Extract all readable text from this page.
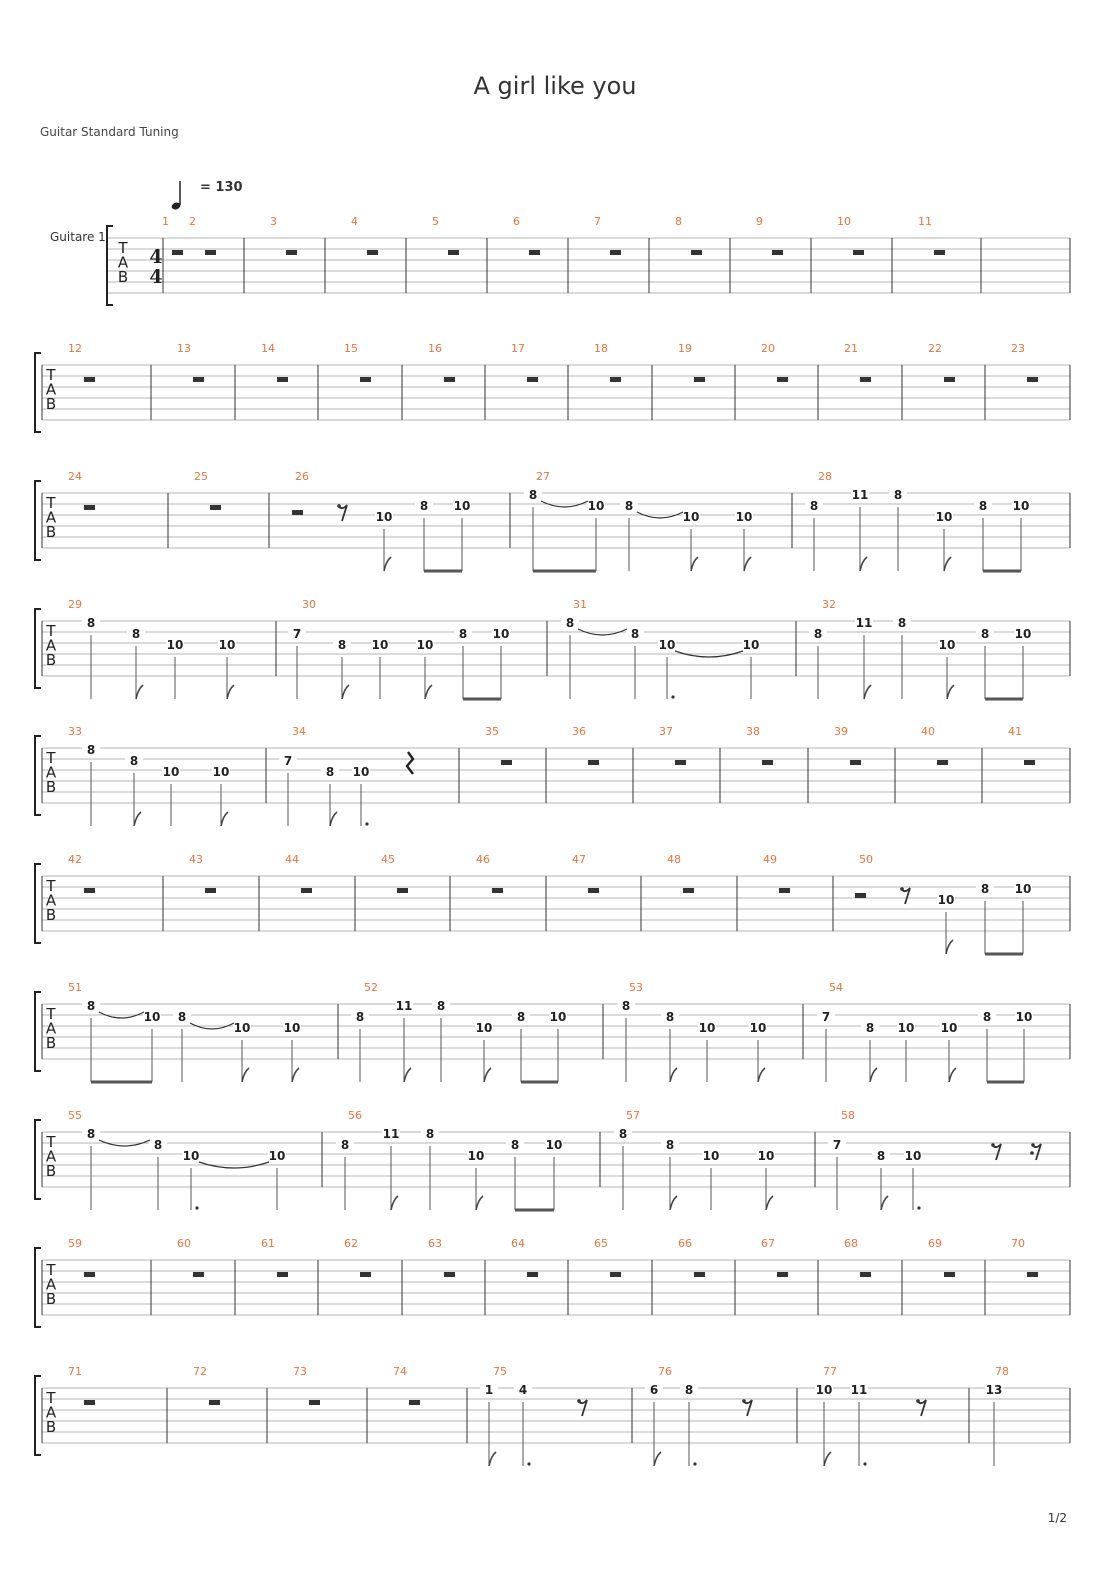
A girl like you
Guitar Standard Tuning
= 130
1/2
T
A
B
Guitare 1
4
4
1 2	3	4	5	6	7	8	9	10	11
T
A
B
12	13	14	15	16	17	18	19	20	21	22	23
T
A
B
24	25	26
10
8 10
27
8
10 8
10	10
28
8
11 8
10
8 10
T
A
B
29
8
8
10	10
30
7
8 10 10
8 10
31
8
8
10	10
32
8
11 8
10
8 10
T
A
B
33
8
8
10	10
34
7
8 10
35	36	37	38	39	40	41
T
A
B
42	43	44	45	46	47	48	49	50
10
8 10
T
A
B
51
8
10 8
10	10
52
8
11 8
10
8 10
53
8
8
10	10
54
7
8 10 10
8 10
T
A
B
55
8
8
10	10
56
8
11 8
10
8 10
57
8
8
10	10
58
7
8 10
T
A
B
59	60	61	62	63	64	65	66	67	68	69	70
T
A
B
71	72	73	74	75
1 4
76
6 8
77
10 11
78
13
